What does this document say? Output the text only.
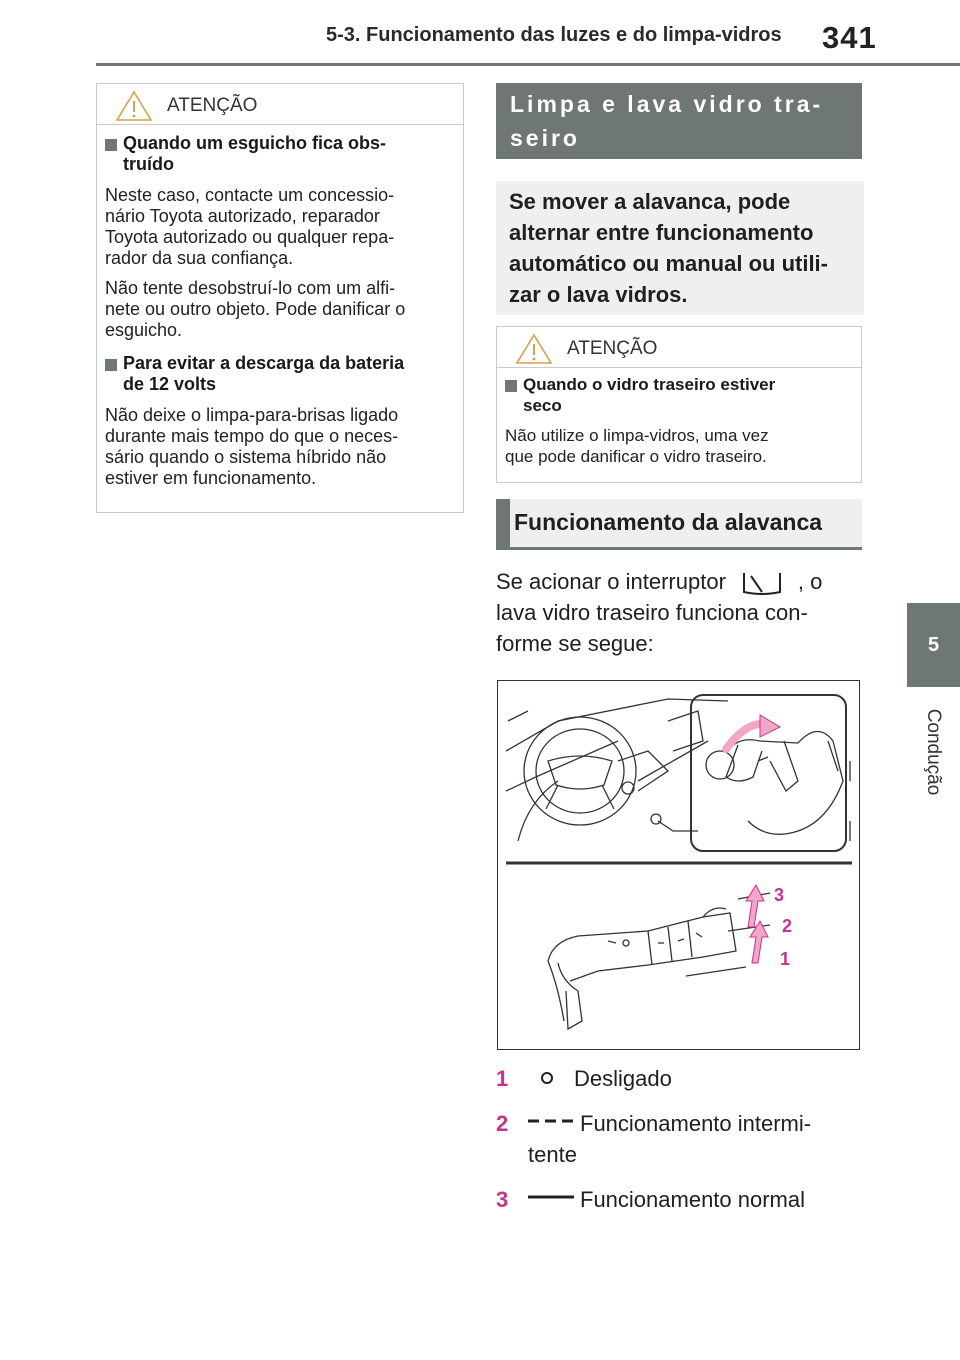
5-3. Funcionamento das luzes e do limpa-vidros 341
5
Condução
ATENÇÃO
Quando um esguicho fica obs-
truído
Neste caso, contacte um concessio-
nário Toyota autorizado, reparador
Toyota autorizado ou qualquer repa-
rador da sua confiança.
Não tente desobstruí-lo com um alfi-
nete ou outro objeto. Pode danificar o
esguicho.
Para evitar a descarga da bateria
de 12 volts
Não deixe o limpa-para-brisas ligado
durante mais tempo do que o neces-
sário quando o sistema híbrido não
estiver em funcionamento.
Limpa e lava vidro tra-
seiro
Se mover a alavanca, pode
alternar entre funcionamento
automático ou manual ou utili-
zar o lava vidros.
ATENÇÃO
Quando o vidro traseiro estiver
seco
Não utilize o limpa-vidros, uma vez
que pode danificar o vidro traseiro.
Funcionamento da alavanca
Se acionar o interruptor	, o
lava vidro traseiro funciona con-
forme se segue:
3
2
1
1	Desligado
2	Funcionamento intermi-
tente
3	Funcionamento normal
